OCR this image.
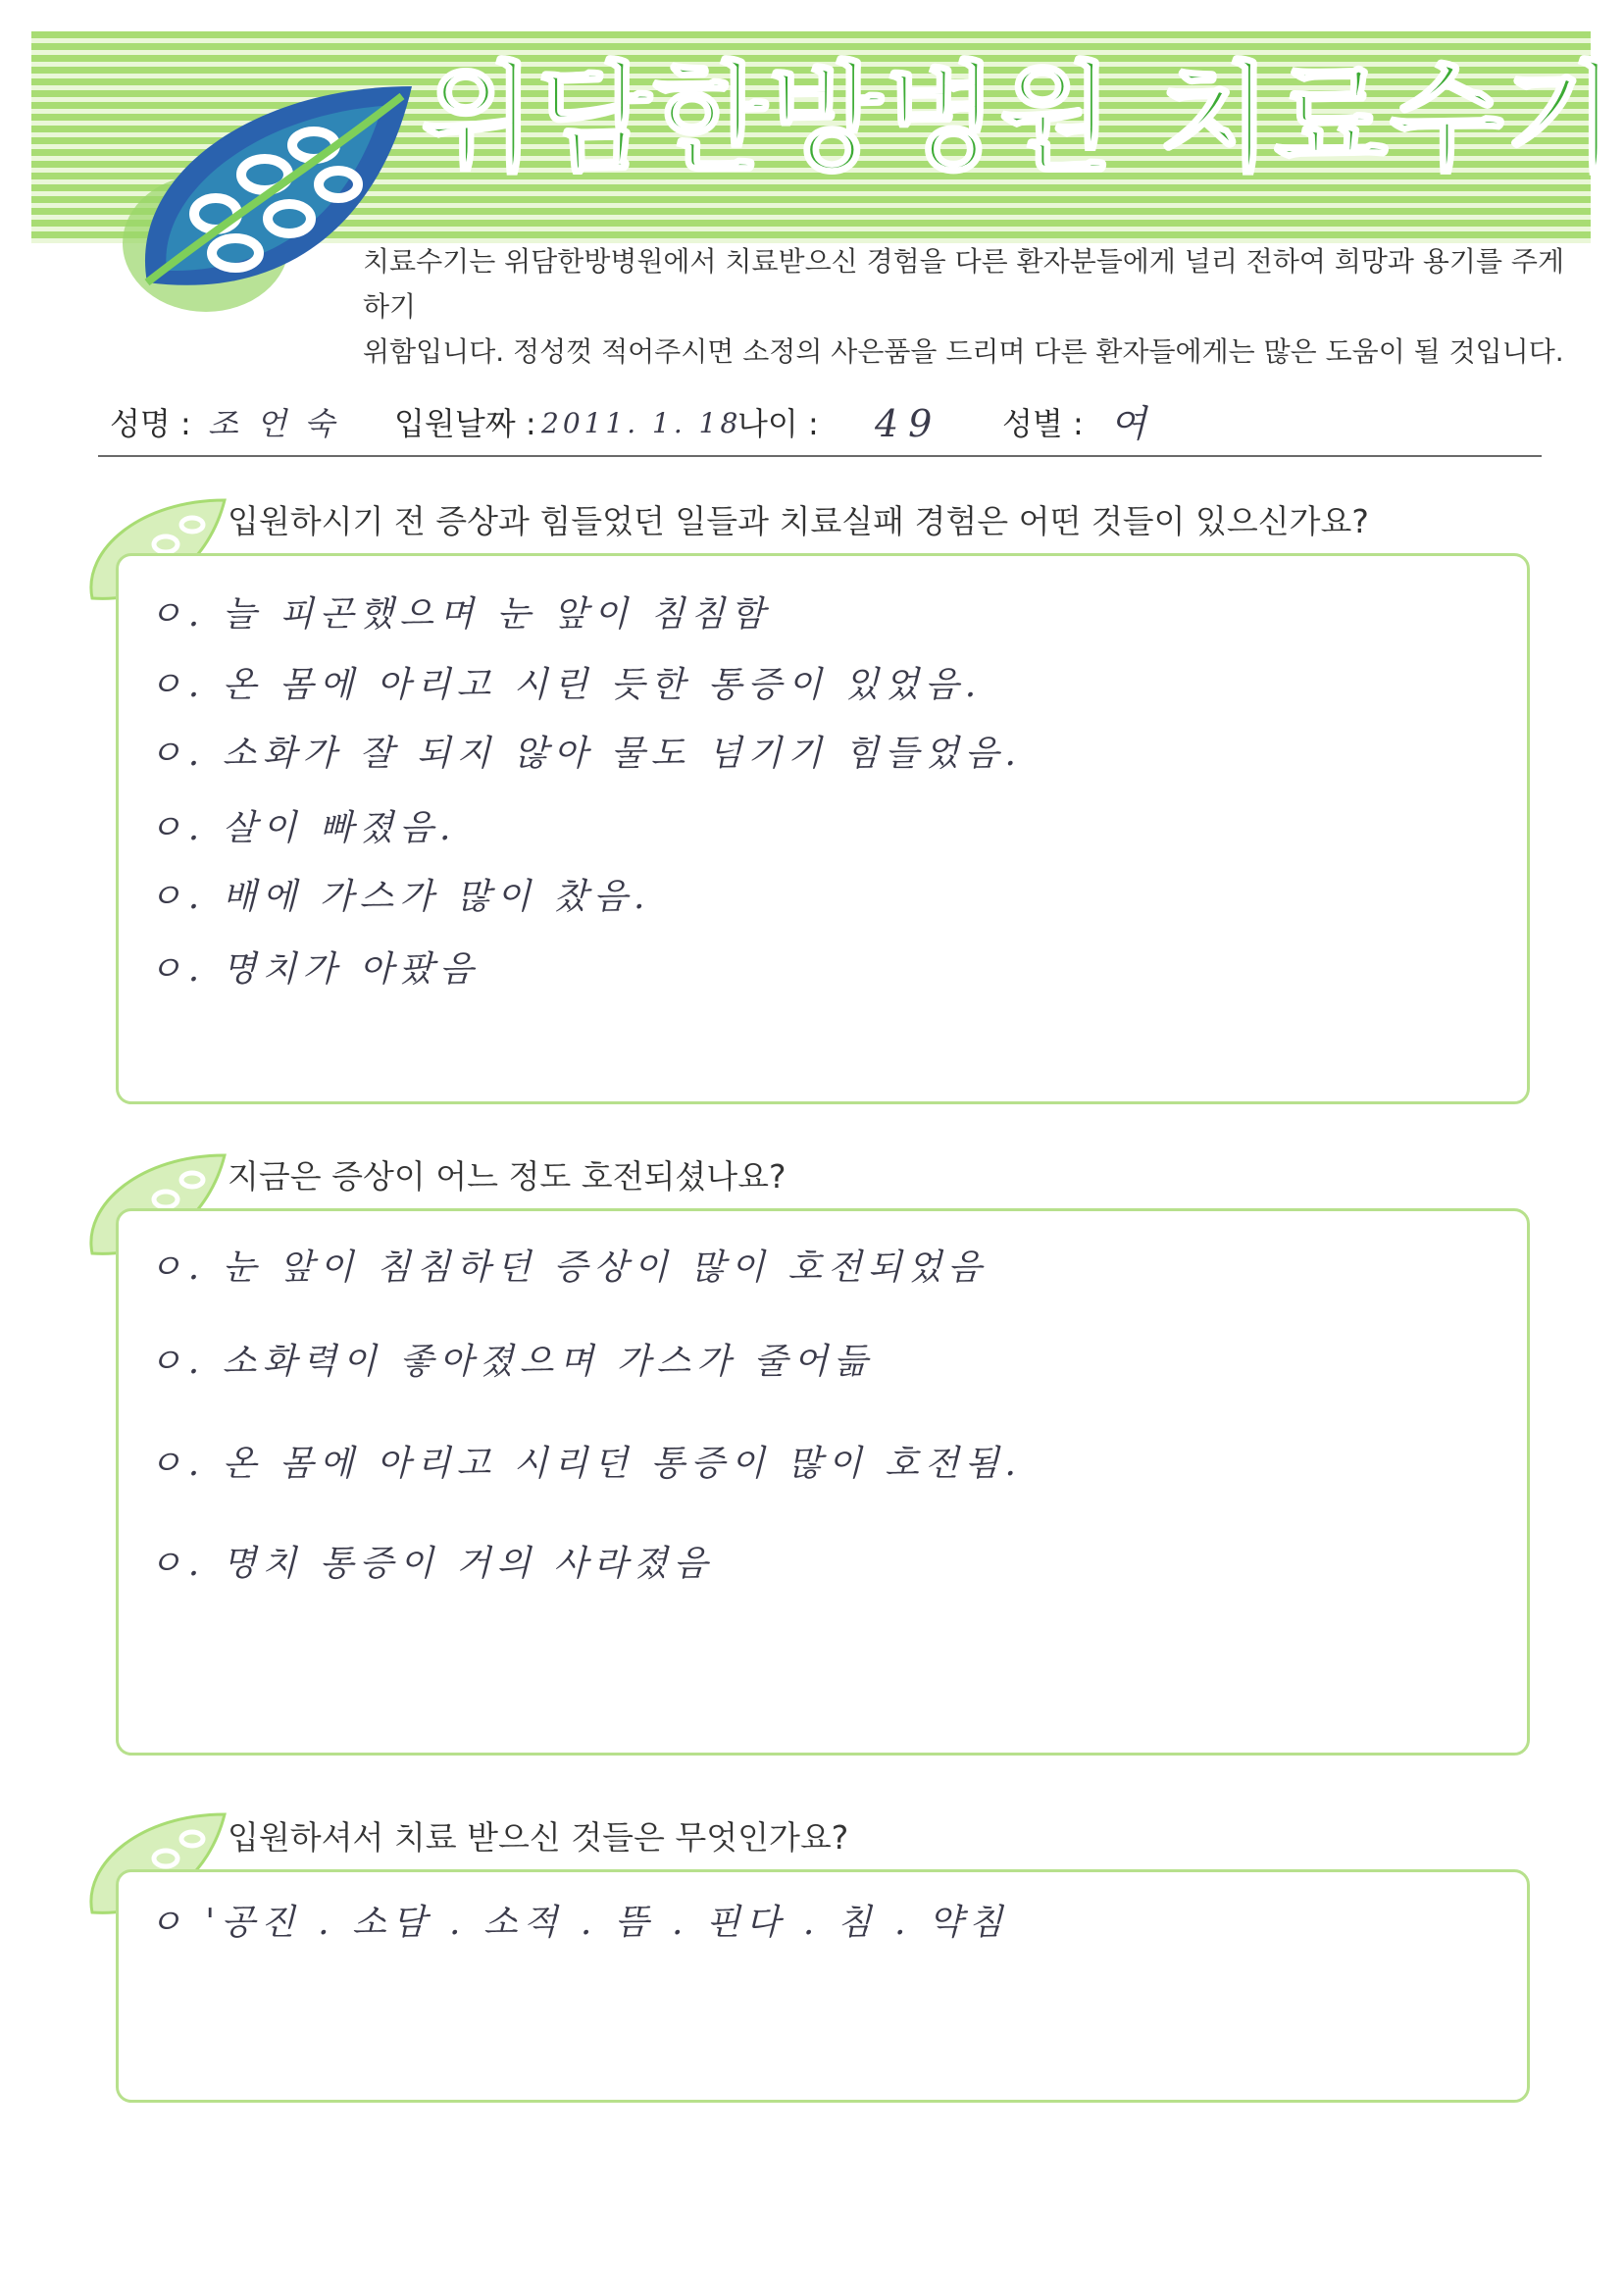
위담한방병원 치료수기
치료수기는 위담한방병원에서 치료받으신 경험을 다른 환자분들에게 널리 전하여 희망과 용기를 주게 하기
위함입니다. 정성껏 적어주시면 소정의 사은품을 드리며 다른 환자들에게는 많은 도움이 될 것입니다.
성명 : 조 언 숙 입원날짜 : 2011. 1. 18
나이 : 49 성별 : 여
입원하시기 전 증상과 힘들었던 일들과 치료실패 경험은 어떤 것들이 있으신가요?
ㅇ. 늘 피곤했으며 눈 앞이 침침함
ㅇ. 온 몸에 아리고 시린 듯한 통증이 있었음.
ㅇ. 소화가 잘 되지 않아 물도 넘기기 힘들었음.
ㅇ. 살이 빠졌음.
ㅇ. 배에 가스가 많이 찼음.
ㅇ. 명치가 아팠음
지금은 증상이 어느 정도 호전되셨나요?
ㅇ. 눈 앞이 침침하던 증상이 많이 호전되었음
ㅇ. 소화력이 좋아졌으며 가스가 줄어듦
ㅇ. 온 몸에 아리고 시리던 통증이 많이 호전됨.
ㅇ. 명치 통증이 거의 사라졌음
입원하셔서 치료 받으신 것들은 무엇인가요?
ㅇ '공진 . 소담 . 소적 . 뜸 . 핀다 . 침 . 약침
